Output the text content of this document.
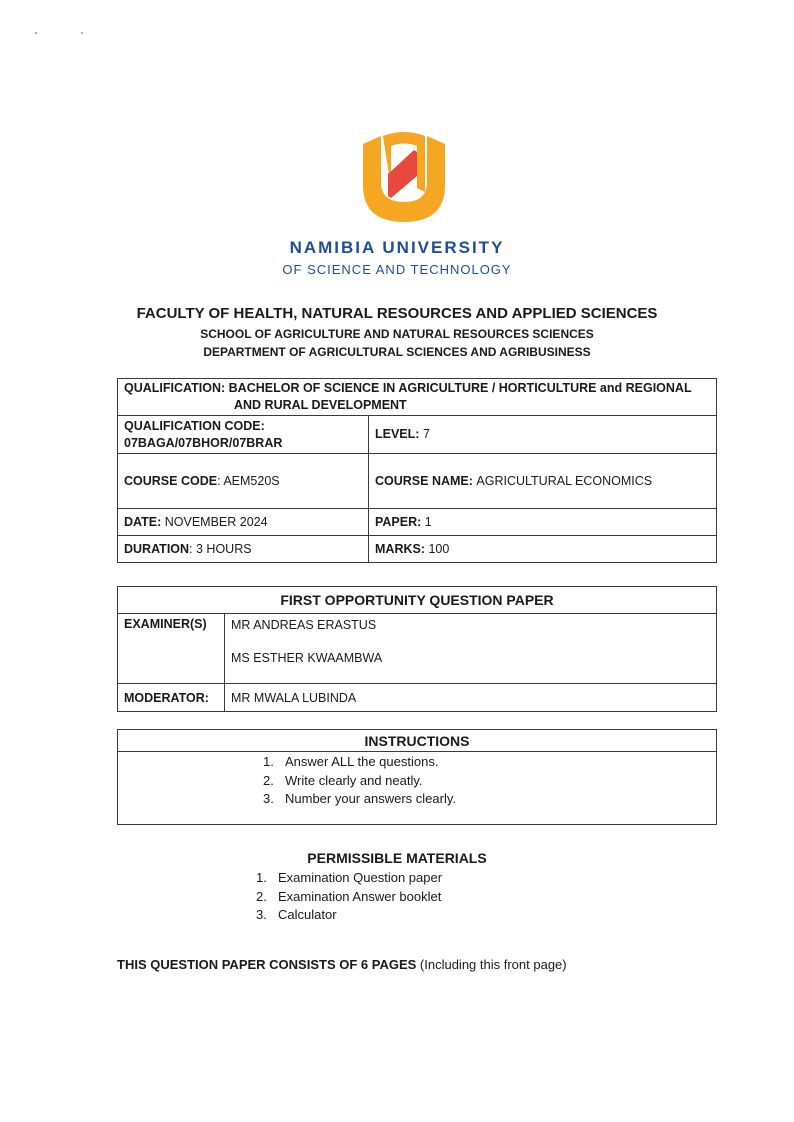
NAMIBIA UNIVERSITY
OF SCIENCE AND TECHNOLOGY
FACULTY OF HEALTH, NATURAL RESOURCES AND APPLIED SCIENCES
SCHOOL OF AGRICULTURE AND NATURAL RESOURCES SCIENCES
DEPARTMENT OF AGRICULTURAL SCIENCES AND AGRIBUSINESS
QUALIFICATION: BACHELOR OF SCIENCE IN AGRICULTURE / HORTICULTURE and REGIONAL
AND RURAL DEVELOPMENT	

QUALIFICATION CODE:
07BAGA/07BHOR/07BRAR	LEVEL: 7
COURSE CODE: AEM520S	COURSE NAME: AGRICULTURAL ECONOMICS
DATE: NOVEMBER 2024	PAPER: 1
DURATION: 3 HOURS	MARKS: 100
FIRST OPPORTUNITY QUESTION PAPER	
EXAMINER(S)	MR ANDREAS ERASTUS
MS ESTHER KWAAMBWA

MODERATOR:	MR MWALA LUBINDA
INSTRUCTIONS
1. Answer ALL the questions.
2. Write clearly and neatly.
3. Number your answers clearly.
PERMISSIBLE MATERIALS
1. Examination Question paper
2. Examination Answer booklet
3. Calculator
THIS QUESTION PAPER CONSISTS OF 6 PAGES (Including this front page)
